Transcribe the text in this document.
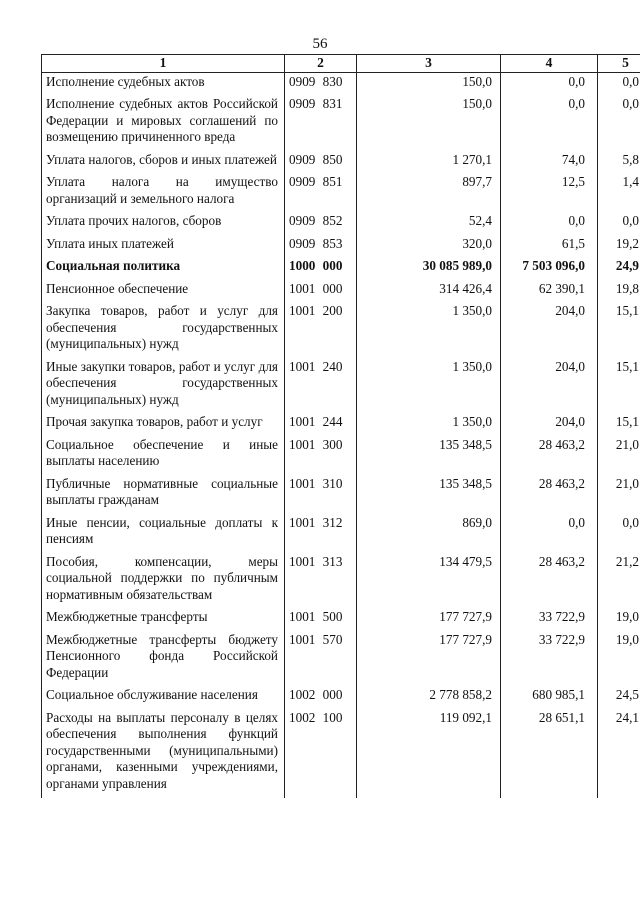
56
1	2	3	4	5
Исполнение судебных актов	0909 830	150,0	0,0	0,0
Исполнение судебных актов Российской Федерации и мировых соглашений по возмещению причиненного вреда	0909 831	150,0	0,0	0,0
Уплата налогов, сборов и иных платежей	0909 850	1 270,1	74,0	5,8
Уплата налога на имущество организаций и земельного налога	0909 851	897,7	12,5	1,4
Уплата прочих налогов, сборов	0909 852	52,4	0,0	0,0
Уплата иных платежей	0909 853	320,0	61,5	19,2
Социальная политика	1000 000	30 085 989,0	7 503 096,0	24,9
Пенсионное обеспечение	1001 000	314 426,4	62 390,1	19,8
Закупка товаров, работ и услуг для обеспечения государственных (муниципальных) нужд	1001 200	1 350,0	204,0	15,1
Иные закупки товаров, работ и услуг для обеспечения государственных (муниципальных) нужд	1001 240	1 350,0	204,0	15,1
Прочая закупка товаров, работ и услуг	1001 244	1 350,0	204,0	15,1
Социальное обеспечение и иные выплаты населению	1001 300	135 348,5	28 463,2	21,0
Публичные нормативные социальные выплаты гражданам	1001 310	135 348,5	28 463,2	21,0
Иные пенсии, социальные доплаты к пенсиям	1001 312	869,0	0,0	0,0
Пособия, компенсации, меры социальной поддержки по публичным нормативным обязательствам	1001 313	134 479,5	28 463,2	21,2
Межбюджетные трансферты	1001 500	177 727,9	33 722,9	19,0
Межбюджетные трансферты бюджету Пенсионного фонда Российской Федерации	1001 570	177 727,9	33 722,9	19,0
Социальное обслуживание населения	1002 000	2 778 858,2	680 985,1	24,5
Расходы на выплаты персоналу в целях обеспечения выполнения функций государственными (муниципальными) органами, казенными учреждениями, органами управления	1002 100	119 092,1	28 651,1	24,1
